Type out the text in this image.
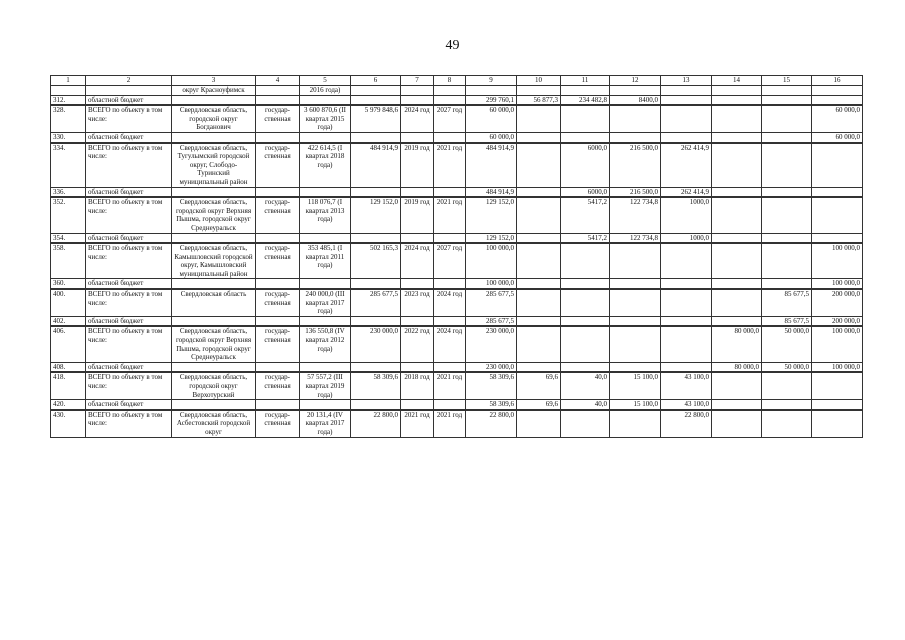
49
1	2	3	4	5	6	7	8	9	10	11	12	13	14	15	16
		округ Красноуфимск		2016 года)											
312.	областной бюджет							299 760,1	56 877,3	234 482,8	8400,0				
328.	ВСЕГО по объекту в том числе:	Свердловская область, городской округ Богданович	государ-ственная	3 600 870,6 (II квартал 2015 года)	5 979 848,6	2024 год	2027 год	60 000,0							60 000,0
330.	областной бюджет							60 000,0							60 000,0
334.	ВСЕГО по объекту в том числе:	Свердловская область, Тугулымский городской округ, Слободо-Туринский муниципальный район	государ-ственная	422 614,5 (I квартал 2018 года)	484 914,9	2019 год	2021 год	484 914,9		6000,0	216 500,0	262 414,9			
336.	областной бюджет							484 914,9		6000,0	216 500,0	262 414,9			
352.	ВСЕГО по объекту в том числе:	Свердловская область, городской округ Верхняя Пышма, городской округ Среднеуральск	государ-ственная	118 076,7 (I квартал 2013 года)	129 152,0	2019 год	2021 год	129 152,0		5417,2	122 734,8	1000,0			
354.	областной бюджет							129 152,0		5417,2	122 734,8	1000,0			
358.	ВСЕГО по объекту в том числе:	Свердловская область, Камышловский городской округ, Камышловский муниципальный район	государ-ственная	353 485,1 (I квартал 2011 года)	502 165,3	2024 год	2027 год	100 000,0							100 000,0
360.	областной бюджет							100 000,0							100 000,0
400.	ВСЕГО по объекту в том числе:	Свердловская область	государ-ственная	240 000,0 (III квартал 2017 года)	285 677,5	2023 год	2024 год	285 677,5						85 677,5	200 000,0
402.	областной бюджет							285 677,5						85 677,5	200 000,0
406.	ВСЕГО по объекту в том числе:	Свердловская область, городской округ Верхняя Пышма, городской округ Среднеуральск	государ-ственная	136 550,8 (IV квартал 2012 года)	230 000,0	2022 год	2024 год	230 000,0					80 000,0	50 000,0	100 000,0
408.	областной бюджет							230 000,0					80 000,0	50 000,0	100 000,0
418.	ВСЕГО по объекту в том числе:	Свердловская область, городской округ Верхотурский	государ-ственная	57 557,2 (III квартал 2019 года)	58 309,6	2018 год	2021 год	58 309,6	69,6	40,0	15 100,0	43 100,0			
420.	областной бюджет							58 309,6	69,6	40,0	15 100,0	43 100,0			
430.	ВСЕГО по объекту в том числе:	Свердловская область, Асбестовский городской округ	государ-ственная	20 131,4 (IV квартал 2017 года)	22 800,0	2021 год	2021 год	22 800,0				22 800,0			
